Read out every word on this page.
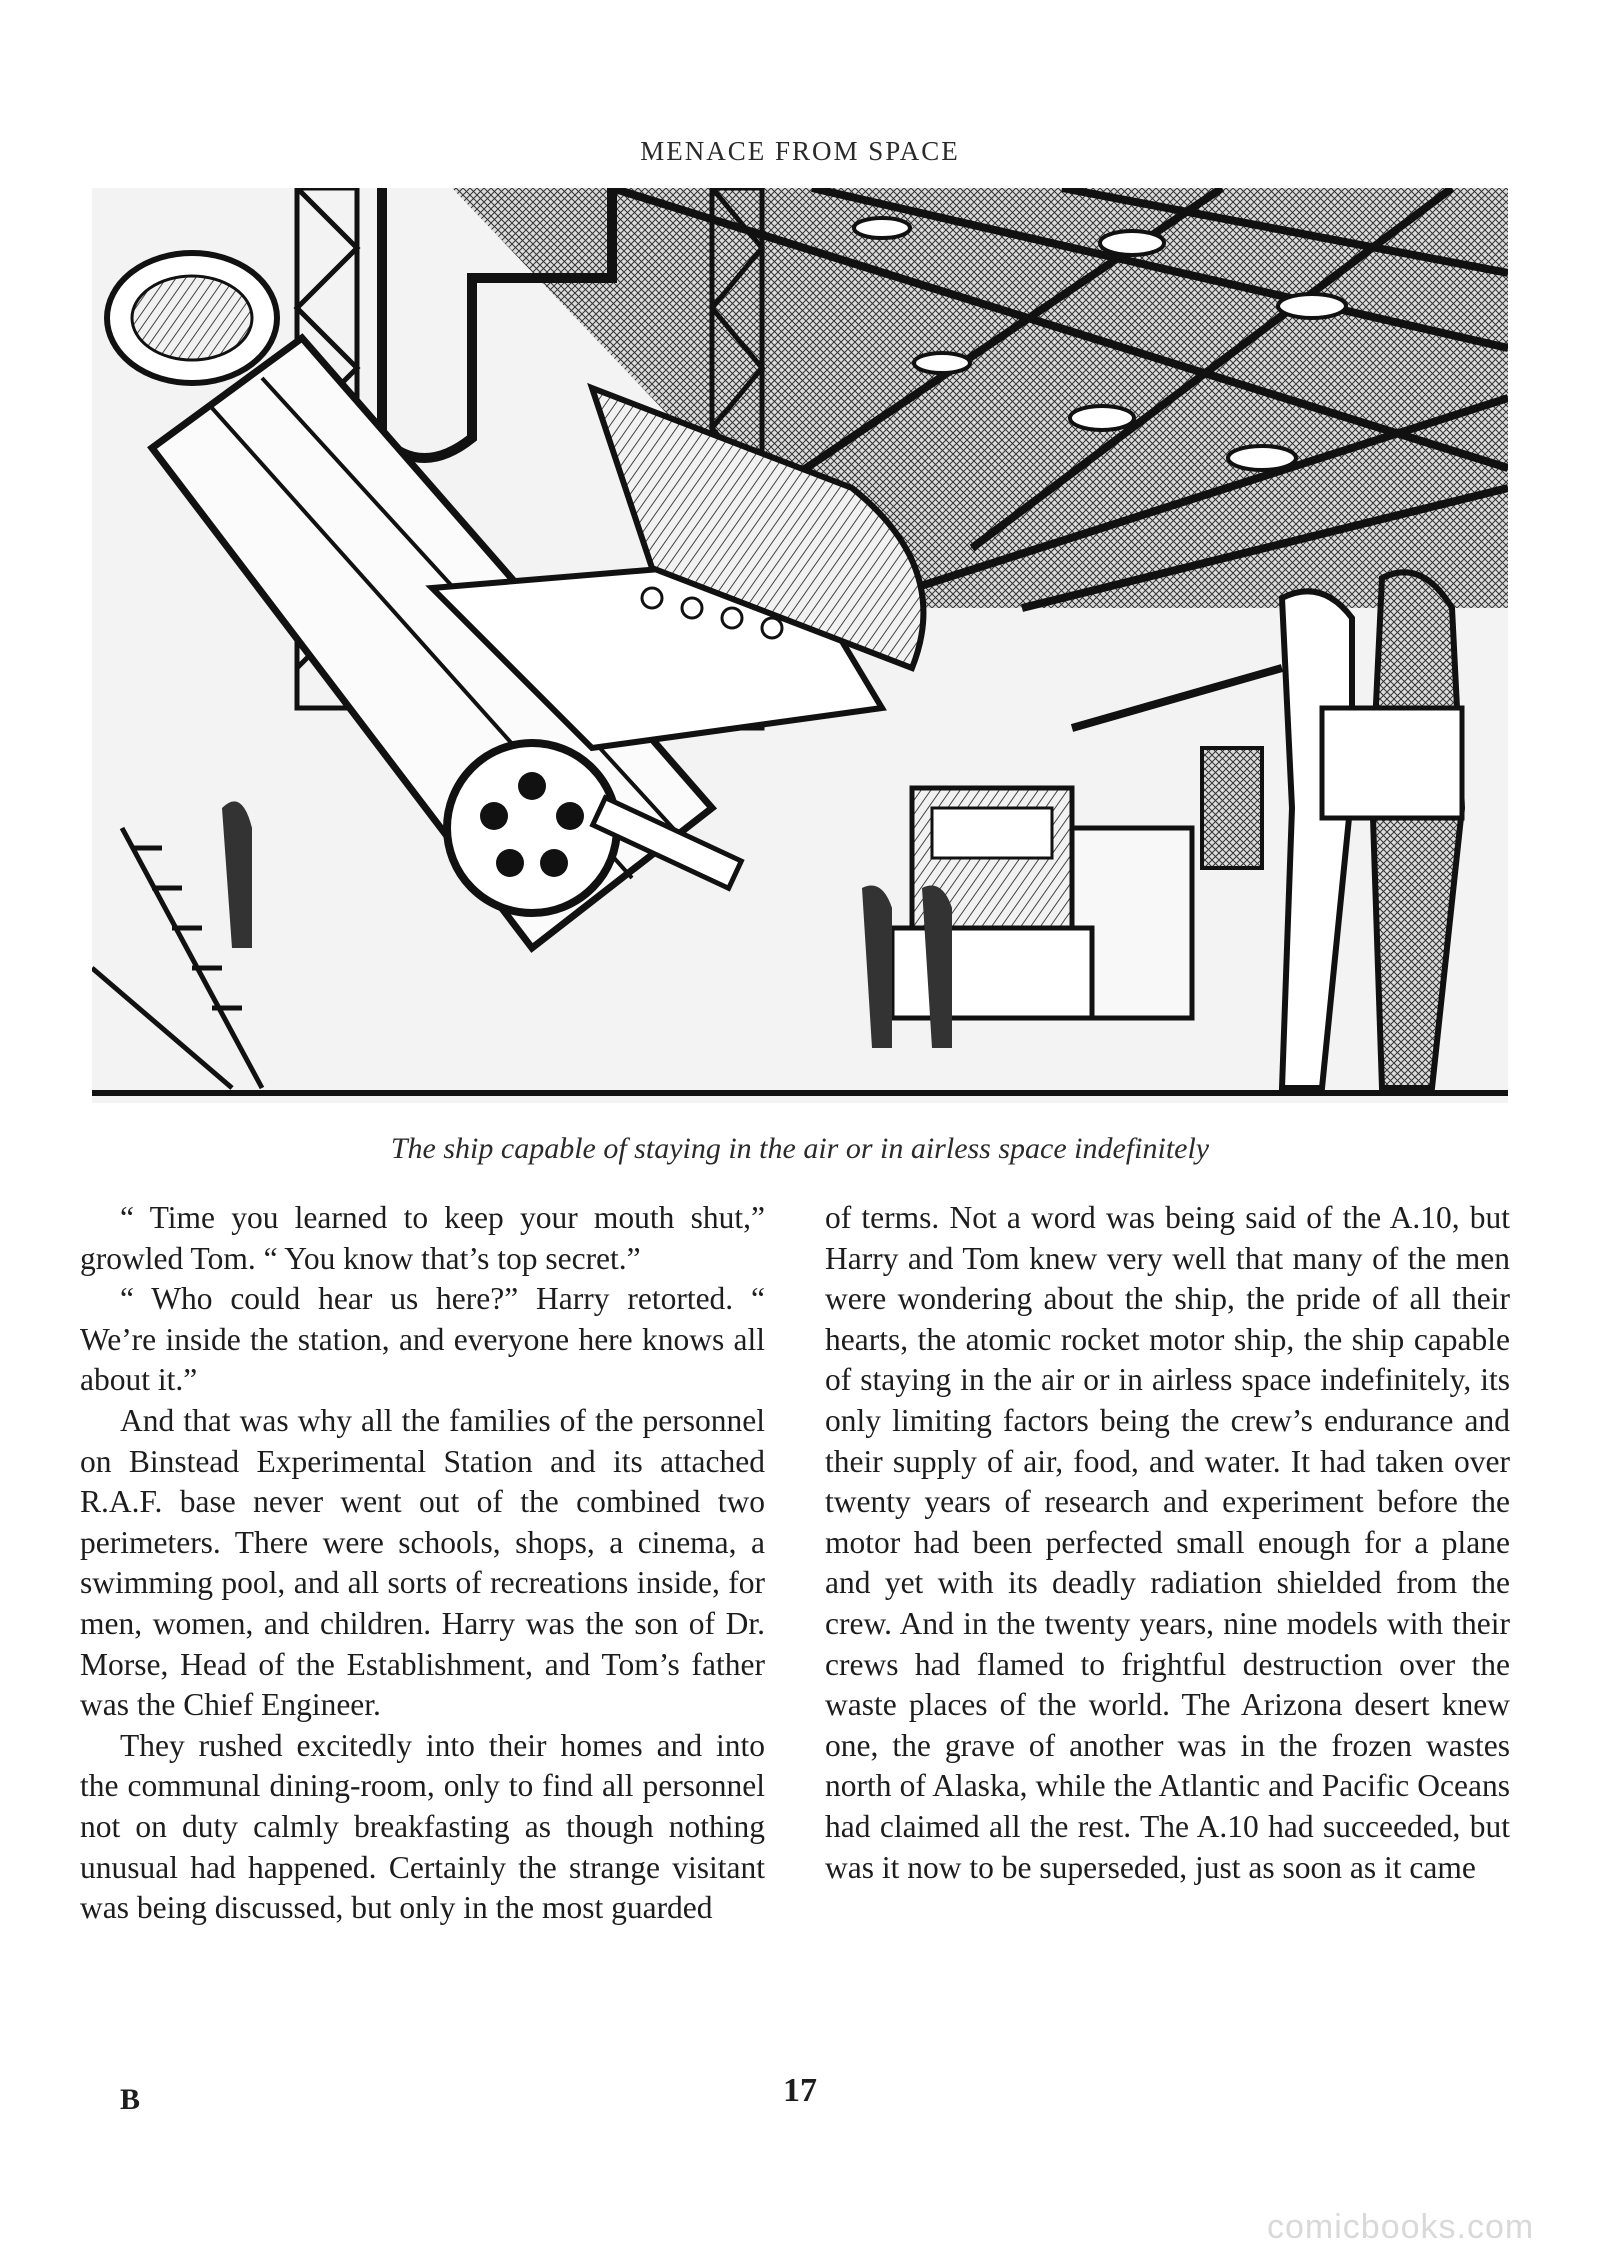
MENACE FROM SPACE
The ship capable of staying in the air or in airless space indefinitely

“ Time you learned to keep your mouth shut,” growled Tom. “ You know that’s top secret.”

“ Who could hear us here?” Harry retorted. “ We’re inside the station, and everyone here knows all about it.”

And that was why all the families of the personnel on Binstead Experimental Station and its attached R.A.F. base never went out of the combined two perimeters. There were schools, shops, a cinema, a swimming pool, and all sorts of recreations inside, for men, women, and children. Harry was the son of Dr. Morse, Head of the Establishment, and Tom’s father was the Chief Engineer.

They rushed excitedly into their homes and into the communal dining-room, only to find all personnel not on duty calmly breakfasting as though nothing unusual had happened. Certainly the strange visitant was being discussed, but only in the most guarded

of terms. Not a word was being said of the A.10, but Harry and Tom knew very well that many of the men were wondering about the ship, the pride of all their hearts, the atomic rocket motor ship, the ship capable of staying in the air or in airless space indefinitely, its only limiting factors being the crew’s endurance and their supply of air, food, and water. It had taken over twenty years of research and experiment before the motor had been perfected small enough for a plane and yet with its deadly radiation shielded from the crew. And in the twenty years, nine models with their crews had flamed to frightful destruction over the waste places of the world. The Arizona desert knew one, the grave of another was in the frozen wastes north of Alaska, while the Atlantic and Pacific Oceans had claimed all the rest. The A.10 had succeeded, but was it now to be superseded, just as soon as it came

B	17
comicbooks.com
